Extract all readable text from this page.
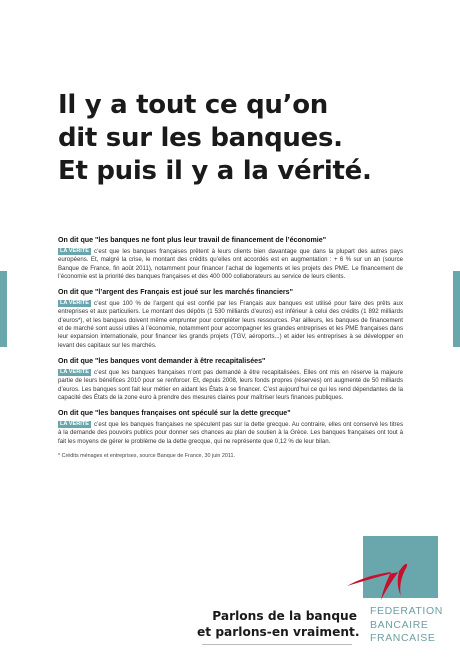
Il y a tout ce qu’on
dit sur les banques.
Et puis il y a la vérité.
On dit que "les banques ne font plus leur travail de financement de l’économie"

LA VÉRITÉ c’est que les banques françaises prêtent à leurs clients bien davantage que dans la plupart des autres pays européens. Et, malgré la crise, le montant des crédits qu’elles ont accordés est en augmentation : + 6 % sur un an (source Banque de France, fin août 2011), notamment pour financer l’achat de logements et les projets des PME. Le financement de l’économie est la priorité des banques françaises et des 400 000 collaborateurs au service de leurs clients.

On dit que "l’argent des Français est joué sur les marchés financiers"

LA VÉRITÉ c’est que 100 % de l’argent qui est confié par les Français aux banques est utilisé pour faire des prêts aux entreprises et aux particuliers. Le montant des dépôts (1 530 milliards d’euros) est inférieur à celui des crédits (1 892 milliards d’euros*), et les banques doivent même emprunter pour compléter leurs ressources. Par ailleurs, les banques de financement et de marché sont aussi utiles à l’économie, notamment pour accompagner les grandes entreprises et les PME françaises dans leur expansion internationale, pour financer les grands projets (TGV, aéroports...) et aider les entreprises à se développer en levant des capitaux sur les marchés.

On dit que "les banques vont demander à être recapitalisées"

LA VÉRITÉ c’est que les banques françaises n’ont pas demandé à être recapitalisées. Elles ont mis en réserve la majeure partie de leurs bénéfices 2010 pour se renforcer. Et, depuis 2008, leurs fonds propres (réserves) ont augmenté de 50 milliards d’euros. Les banques sont fait leur métier en aidant les États à se financer. C’est aujourd’hui ce qui les rend dépendantes de la capacité des États de la zone euro à prendre des mesures claires pour maîtriser leurs finances publiques.

On dit que "les banques françaises ont spéculé sur la dette grecque"

LA VÉRITÉ c’est que les banques françaises ne spéculent pas sur la dette grecque. Au contraire, elles ont conservé les titres à la demande des pouvoirs publics pour donner ses chances au plan de soutien à la Grèce. Les banques françaises ont tout à fait les moyens de gérer le problème de la dette grecque, qui ne représente que 0,12 % de leur bilan.

* Crédits ménages et entreprises, source Banque de France, 30 juin 2011.
FEDERATION
BANCAIRE
FRANCAISE
Parlons de la banque
et parlons-en vraiment.
